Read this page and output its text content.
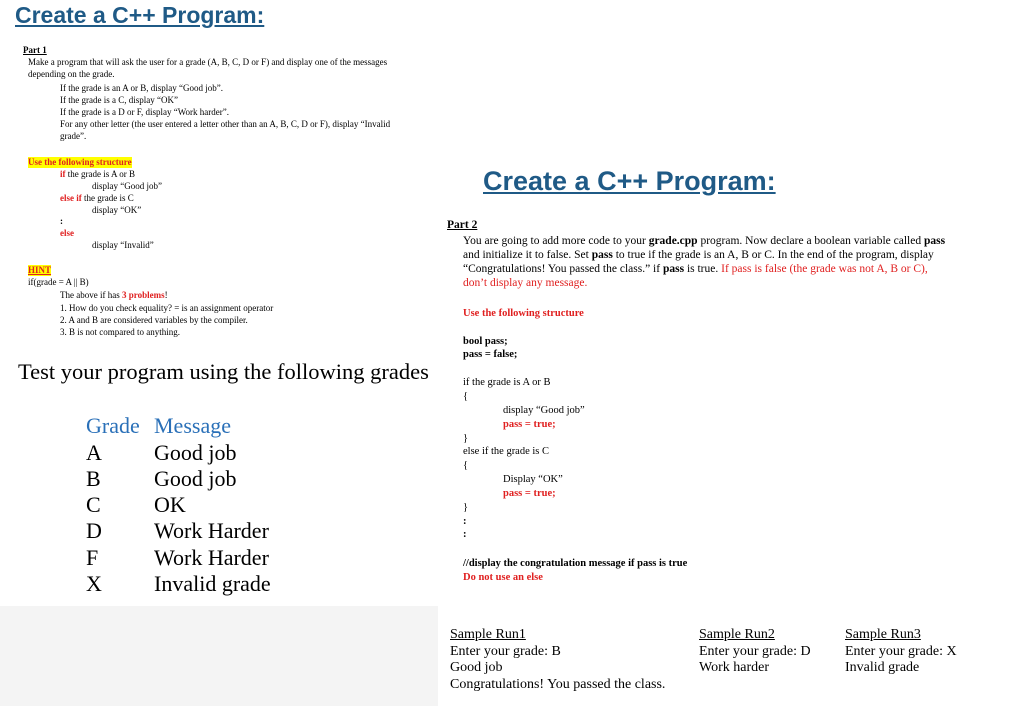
Create a C++ Program:
Part 1
Make a program that will ask the user for a grade (A, B, C, D or F) and display one of the messages
depending on the grade.
If the grade is an A or B, display “Good job”.
If the grade is a C, display “OK”
If the grade is a D or F, display “Work harder”.
For any other letter (the user entered a letter other than an A, B, C, D or F), display “Invalid
grade”.
Use the following structure
if the grade is A or B
display “Good job”
else if the grade is C
display “OK”
:
else
display “Invalid”
HINT
if(grade = A || B)
The above if has 3 problems!
1. How do you check equality? = is an assignment operator
2. A and B are considered variables by the compiler.
3. B is not compared to anything.
Test your program using the following grades
Grade Message
A Good job
B Good job
C OK
D Work Harder
F	Work Harder
X Invalid grade
Create a C++ Program:
Part 2
You are going to add more code to your grade.cpp program. Now declare a boolean variable called pass
and initialize it to false. Set pass to true if the grade is an A, B or C. In the end of the program, display
“Congratulations! You passed the class.” if pass is true. If pass is false (the grade was not A, B or C),
don’t display any message.
Use the following structure
bool pass;
pass = false;
if the grade is A or B
{
display “Good job”
pass = true;
}
else if the grade is C
{
Display “OK”
pass = true;
}
:
:
//display the congratulation message if pass is true
Do not use an else
Sample Run1
Enter your grade: B
Good job
Congratulations! You passed the class.
Sample Run2
Enter your grade: D
Work harder
Sample Run3
Enter your grade: X
Invalid grade
